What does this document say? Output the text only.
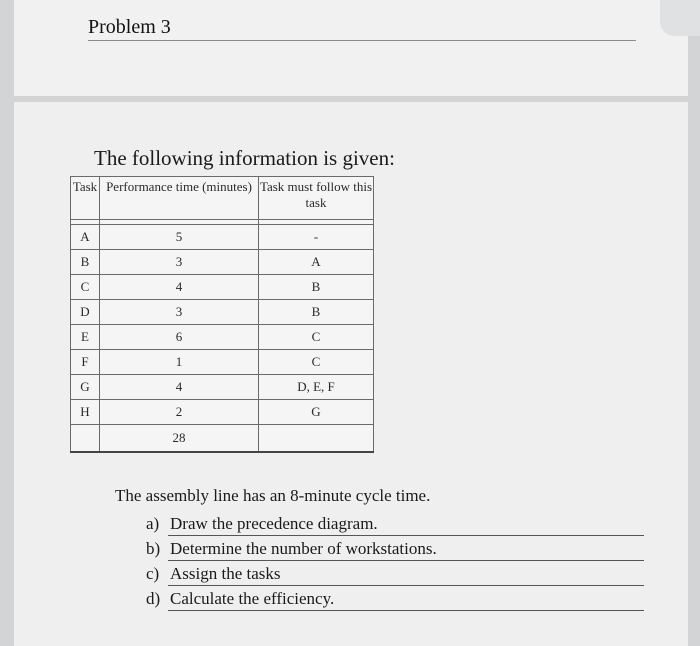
Problem 3
The following information is given:
Task	Performance time (minutes)	Task must follow this task

A	5	-
B	3	A
C	4	B
D	3	B
E	6	C
F	1	C
G	4	D, E, F
H	2	G
	28	
The assembly line has an 8-minute cycle time.
a) Draw the precedence diagram.
b) Determine the number of workstations.
c) Assign the tasks
d) Calculate the efficiency.
